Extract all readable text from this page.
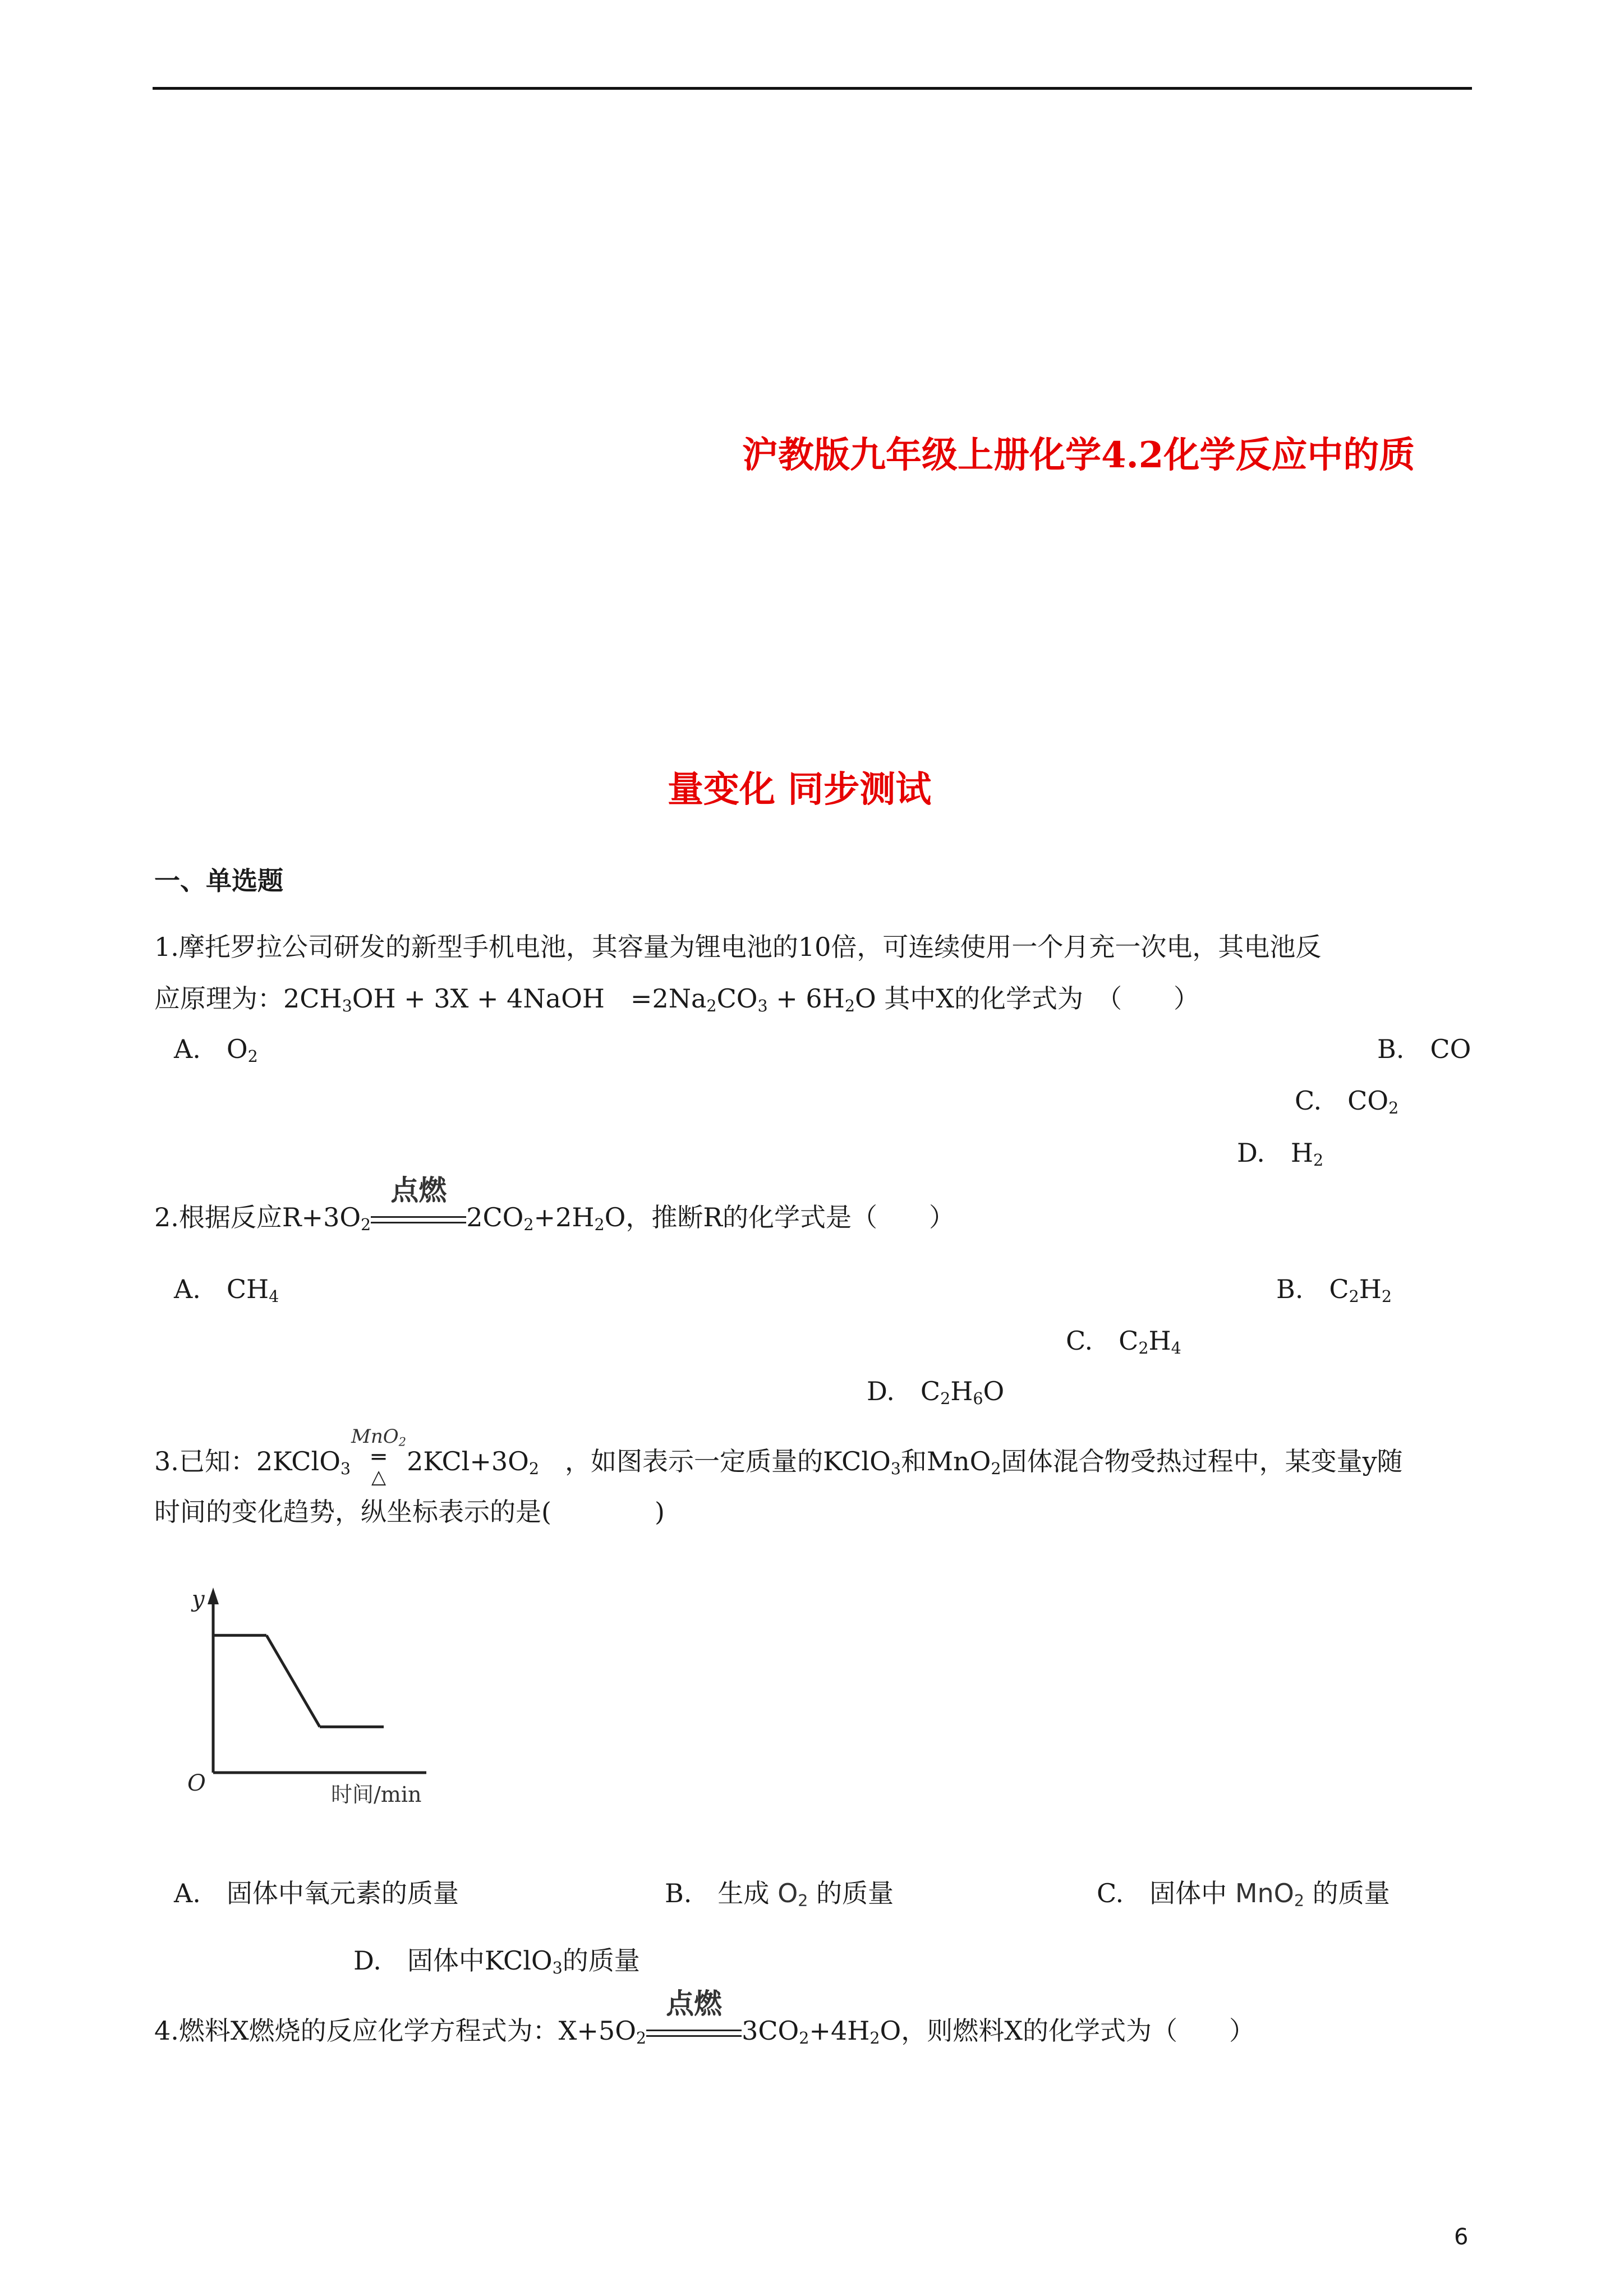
沪教版九年级上册化学4.2化学反应中的质
量变化 同步测试
一、单选题
1.摩托罗拉公司研发的新型手机电池，其容量为锂电池的10倍，可连续使用一个月充一次电，其电池反
应原理为：$2CH_3OH + 3X$ + 4NaOH　$=2Na_2CO_3 + 6H_2O$ 其中X的化学式为　（　　）
A.　$O_2$	B.　CO
C.　$CO_2$
D.　$H_2$
2.根据反应$R+3O_2$
点燃
$2CO_2+2H_2O$，推断R的化学式是（　　）
A.　$CH_4$	B.　$C_2H_2$
C.　$C_2H_4$
D.　$C_2H_6O$
3.已知：2KClO$_3$
MnO$_2$
═
△
$2KCl+3O_2$　，如图表示一定质量的KClO$_3$和MnO$_2$固体混合物受热过程中，某变量y随
时间的变化趋势，纵坐标表示的是(　　　　)
y
O	时间/min
A.　固体中氧元素的质量	B.　生成 $O_2$ 的质量	C.　固体中 MnO$_2$ 的质量
D.　固体中KClO$_3$的质量
4.燃料X燃烧的反应化学方程式为：$X+5O_2$
点燃
$3CO_2+4H_2O$，则燃料X的化学式为（　　）
6
